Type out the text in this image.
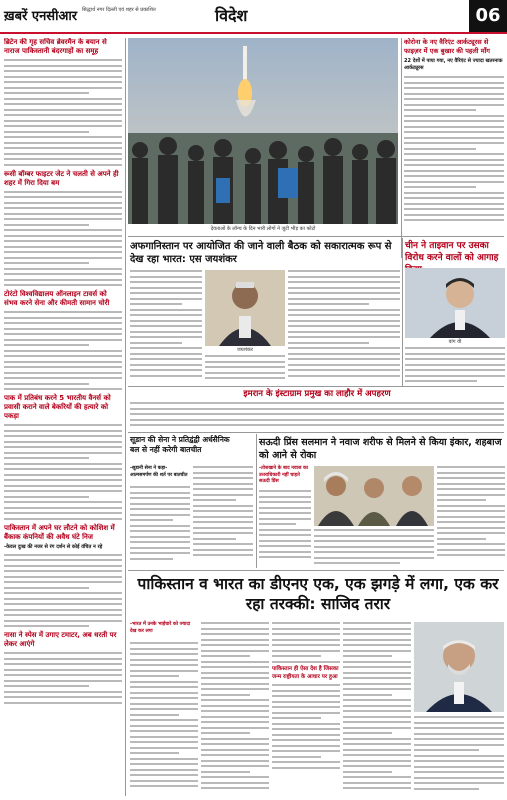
ख़बरें एनसीआर सिद्धार्थ नगर दिल्ली एवं शहर से प्रकाशित	विदेश	06
ब्रिटेन की गृह सचिव ब्रेवरमैन के बयान से नाराज पाकिस्तानी बंदरगाहों का समूह
रूसी बॉम्बर फाइटर जेट ने चलती से अपने ही शहर में गिरा दिया बम
टोरंटो विश्वविद्यालय ऑनलाइन टावर्स को संभव करने सेना और कीमती सामान चोरी
पाक में प्रतिबंध करने 5 भारतीय वैनर्स को प्रवासी कराने वाले बेकरियों की हत्यारे को पकड़ा
पाकिस्तान में अपने घर लौटने को कोशिश में बैंकाक कंपनियों की अवैध घंटे निज
-केवल दुःख की नजर से रंग दर्शन से कोई वंचित न रहे
नासा ने स्पेस में उगाए टमाटर, अब धरती पर लेकर आएंगे
देवताओं के लॉन्च के दिन भारी लोगों ने जुटी भीड़ का फोटो
कोरोना के नए वैरिएंट आर्कट्यूरस से फाइज़र में एक बुखार की पहली माँग
22 देशों में पाया गया, नए वैरिएंट से ज्यादा खतरनाक आर्कट्यूरस
अफगानिस्तान पर आयोजित की जाने वाली बैठक को सकारात्मक रूप से देख रहा भारत: एस जयशंकर
जयशंकर
चीन ने ताइवान पर उसका विरोध करने वालों को आगाह
वांग यी
इमरान के इंस्टाग्राम प्रमुख का लाहौर में अपहरण
सूडान की सेना ने प्रतिद्वंद्वी अर्धसैनिक बल से नहीं करेगी बातचीत
-सूडानी सेना ने कहा- आत्मसमर्पण की शर्त पर बातचीत
सऊदी प्रिंस सलमान ने नवाज शरीफ से मिलने से किया इंकार, शहबाज को आने से रोका
-तोशखाने के बाद नवाज का उत्तराधिकारी नहीं चाहते सऊदी प्रिंस
पाकिस्तान व भारत का डीएनए एक, एक झगड़े में लगा, एक कर रहा तरक्की: साजिद तरार
-भारत में उनके भाईचारे को ज्यादा देख कर लगा
पाकिस्तान ही ऐसा देश है जिसका जन्म राष्ट्रीयता के आधार पर हुआ
